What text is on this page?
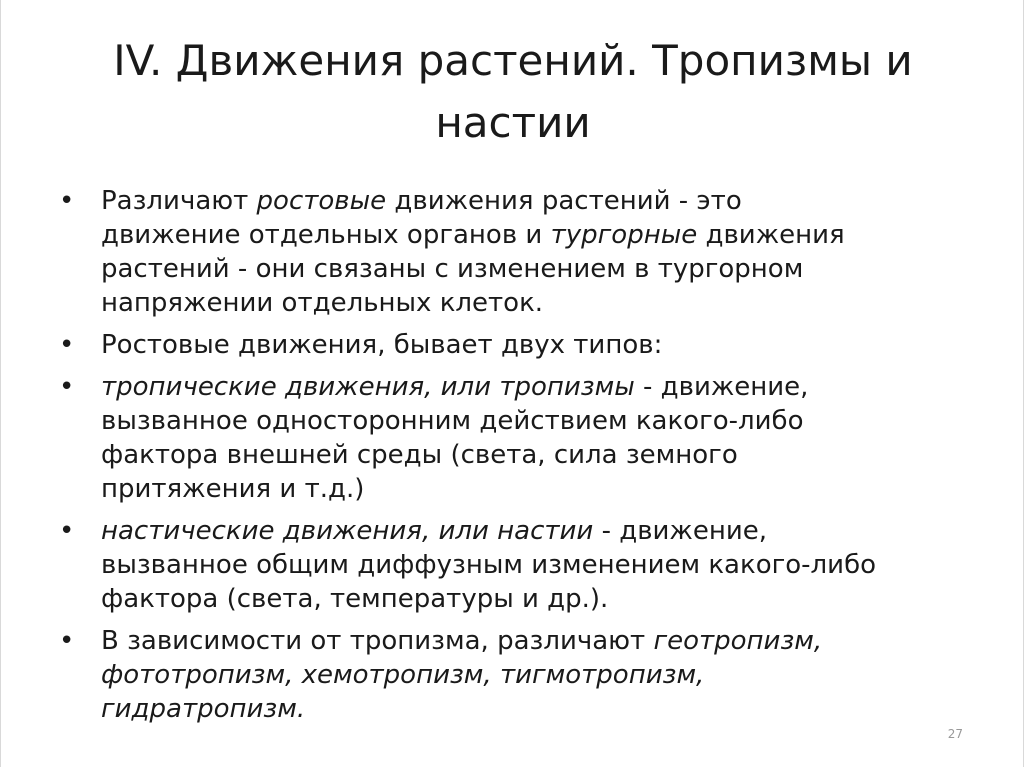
IV. Движения растений. Тропизмы и
настии
• Различают ростовые движения растений - это
движение отдельных органов и тургорные движения
растений - они связаны с изменением в тургорном
напряжении отдельных клеток.
• Ростовые движения, бывает двух типов:
• тропические движения, или тропизмы - движение,
вызванное односторонним действием какого-либо
фактора внешней среды (света, сила земного
притяжения и т.д.)
• настические движения, или настии - движение,
вызванное общим диффузным изменением какого-либо
фактора (света, температуры и др.).
• В зависимости от тропизма, различают геотропизм,
фототропизм, хемотропизм, тигмотропизм,
гидратропизм.
27
